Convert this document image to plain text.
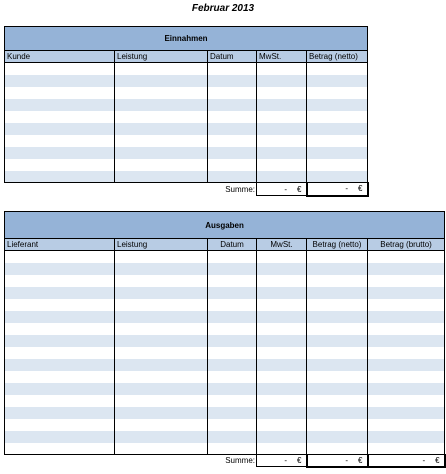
Februar 2013
Einnahmen				
Kunde	Leistung	Datum	MwSt.	Betrag (netto)

Summe:			- €	- €
Ausgaben					
Lieferant	Leistung	Datum	MwSt.	Betrag (netto)	Betrag (brutto)

Summe:			- €	- €	- €
